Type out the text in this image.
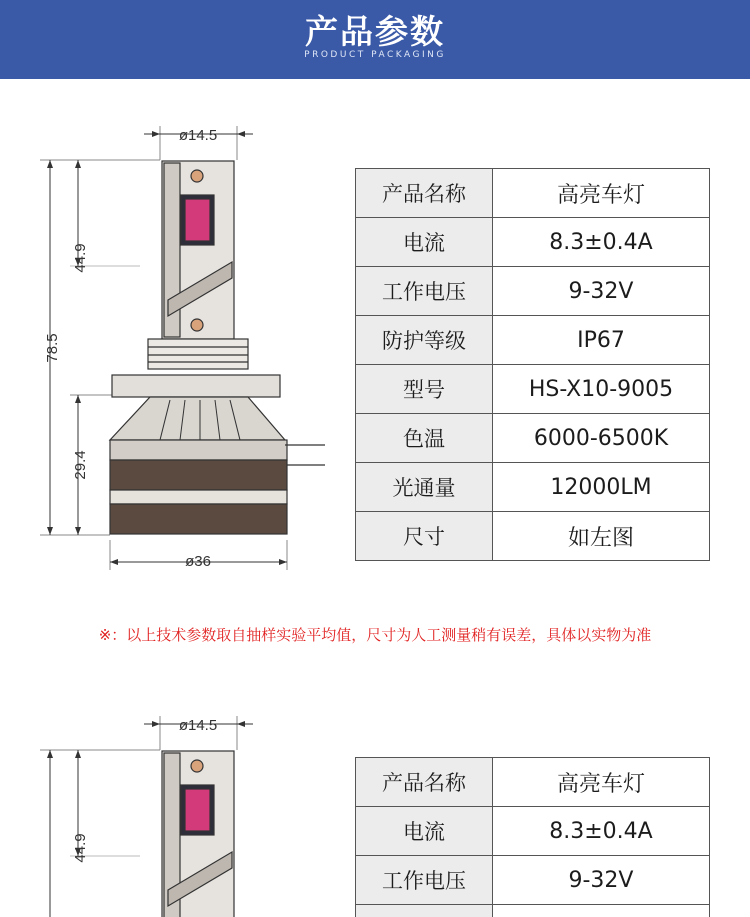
产品参数
PRODUCT PACKAGING
ø14.5
ø36
78.5
44.9
29.4
产品名称	高亮车灯
电流	8.3±0.4A
工作电压	9-32V
防护等级	IP67
型号	HS-X10-9005
色温	6000-6500K
光通量	12000LM
尺寸	如左图
※：以上技术参数取自抽样实验平均值，尺寸为人工测量稍有误差，具体以实物为准
ø14.5
44.9
产品名称	高亮车灯
电流	8.3±0.4A
工作电压	9-32V
